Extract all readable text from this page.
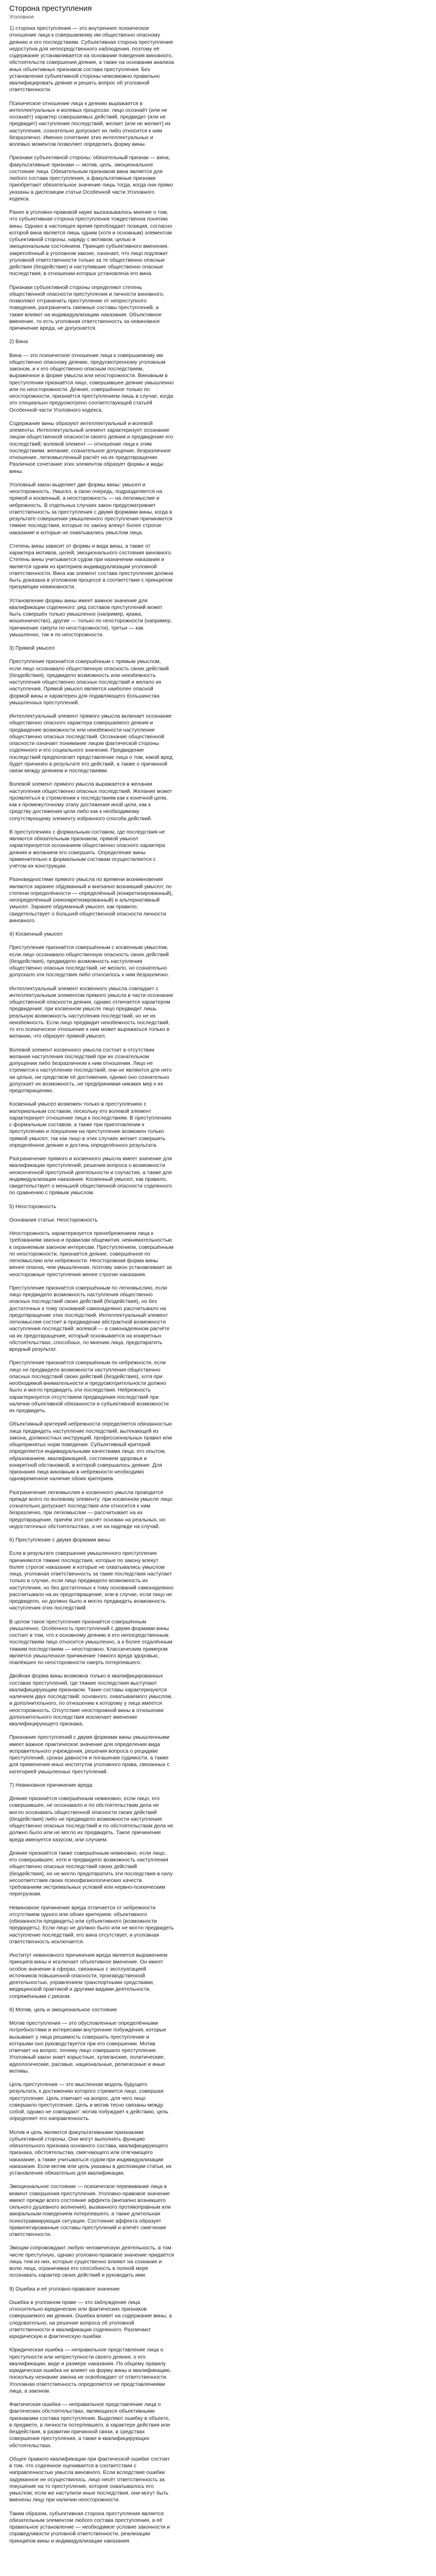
Сторона преступления
Уголовное

1) сторона преступления — это внутреннее психическое отношение лица к совершаемому им общественно опасному деянию и его последствиям. Субъективная сторона преступления недоступна для непосредственного наблюдения, поэтому её содержание устанавливается на основании поведения виновного, обстоятельств совершения деяния, а также на основании анализа иных объективных признаков состава преступления. Без установления субъективной стороны невозможно правильно квалифицировать деяние и решить вопрос об уголовной ответственности.

Психическое отношение лица к деянию выражается в интеллектуальных и волевых процессах: лицо осознаёт (или не осознаёт) характер совершаемых действий, предвидит (или не предвидит) наступление последствий, желает (или не желает) их наступления, сознательно допускает их либо относится к ним безразлично. Именно сочетание этих интеллектуальных и волевых моментов позволяет определить форму вины.

Признаки субъективной стороны: обязательный признак — вина; факультативные признаки — мотив, цель, эмоциональное состояние лица. Обязательным признаком вина является для любого состава преступления, а факультативные признаки приобретают обязательное значение лишь тогда, когда они прямо указаны в диспозиции статьи Особенной части Уголовного кодекса.

Ранее в уголовно-правовой науке высказывалось мнение о том, что субъективная сторона преступления тождественна понятию вины. Однако в настоящее время преобладает позиция, согласно которой вина является лишь одним (хотя и основным) элементом субъективной стороны, наряду с мотивом, целью и эмоциональным состоянием. Принцип субъективного вменения, закреплённый в уголовном законе, означает, что лицо подлежит уголовной ответственности только за те общественно опасные действия (бездействие) и наступившие общественно опасные последствия, в отношении которых установлена его вина.

Признаки субъективной стороны определяют степень общественной опасности преступления и личности виновного, позволяют отграничить преступление от непреступного поведения, разграничить смежные составы преступлений, а также влияют на индивидуализацию наказания. Объективное вменение, то есть уголовная ответственность за невиновное причинение вреда, не допускается.

2) Вина

Вина — это психическое отношение лица к совершаемому им общественно опасному деянию, предусмотренному уголовным законом, и к его общественно опасным последствиям, выраженное в форме умысла или неосторожности. Виновным в преступлении признаётся лицо, совершившее деяние умышленно или по неосторожности. Деяние, совершённое только по неосторожности, признаётся преступлением лишь в случае, когда это специально предусмотрено соответствующей статьёй Особенной части Уголовного кодекса.

Содержание вины образуют интеллектуальный и волевой элементы. Интеллектуальный элемент характеризует осознание лицом общественной опасности своего деяния и предвидение его последствий; волевой элемент — отношение лица к этим последствиям: желание, сознательное допущение, безразличное отношение, легкомысленный расчёт на их предотвращение. Различное сочетание этих элементов образует формы и виды вины.

Уголовный закон выделяет две формы вины: умысел и неосторожность. Умысел, в свою очередь, подразделяется на прямой и косвенный, а неосторожность — на легкомыслие и небрежность. В отдельных случаях закон предусматривает ответственность за преступления с двумя формами вины, когда в результате совершения умышленного преступления причиняются тяжкие последствия, которые по закону влекут более строгое наказание и которые не охватывались умыслом лица.

Степень вины зависит от формы и вида вины, а также от характера мотивов, целей, эмоционального состояния виновного. Степень вины учитывается судом при назначении наказания и является одним из критериев индивидуализации уголовной ответственности. Вина как элемент состава преступления должна быть доказана в уголовном процессе в соответствии с принципом презумпции невиновности.

Установление формы вины имеет важное значение для квалификации содеянного: ряд составов преступлений может быть совершён только умышленно (например, кража, мошенничество), другие — только по неосторожности (например, причинение смерти по неосторожности), третьи — как умышленно, так и по неосторожности.

3) Прямой умысел

Преступление признаётся совершённым с прямым умыслом, если лицо осознавало общественную опасность своих действий (бездействия), предвидело возможность или неизбежность наступления общественно опасных последствий и желало их наступления. Прямой умысел является наиболее опасной формой вины и характерен для подавляющего большинства умышленных преступлений.

Интеллектуальный элемент прямого умысла включает осознание общественно опасного характера совершаемого деяния и предвидение возможности или неизбежности наступления общественно опасных последствий. Осознание общественной опасности означает понимание лицом фактической стороны содеянного и его социального значения. Предвидение последствий предполагает представление лица о том, какой вред будет причинён в результате его действий, а также о причинной связи между деянием и последствиями.

Волевой элемент прямого умысла выражается в желании наступления общественно опасных последствий. Желание может проявляться в стремлении к последствиям как к конечной цели, как к промежуточному этапу достижения иной цели, как к средству достижения цели либо как к необходимому сопутствующему элементу избранного способа действий.

В преступлениях с формальным составом, где последствия не являются обязательным признаком, прямой умысел характеризуется осознанием общественно опасного характера деяния и желанием его совершить. Определение вины применительно к формальным составам осуществляется с учётом их конструкции.

Разновидностями прямого умысла по времени возникновения являются заранее обдуманный и внезапно возникший умысел; по степени определённости — определённый (конкретизированный), неопределённый (неконкретизированный) и альтернативный умысел. Заранее обдуманный умысел, как правило, свидетельствует о большей общественной опасности личности виновного.

4) Косвенный умысел

Преступление признаётся совершённым с косвенным умыслом, если лицо осознавало общественную опасность своих действий (бездействия), предвидело возможность наступления общественно опасных последствий, не желало, но сознательно допускало эти последствия либо относилось к ним безразлично.

Интеллектуальный элемент косвенного умысла совпадает с интеллектуальным элементом прямого умысла в части осознания общественной опасности деяния, однако отличается характером предвидения: при косвенном умысле лицо предвидит лишь реальную возможность наступления последствий, но не их неизбежность. Если лицо предвидит неизбежность последствий, то его психическое отношение к ним может выражаться только в желании, что образует прямой умысел.

Волевой элемент косвенного умысла состоит в отсутствии желания наступления последствий при их сознательном допущении либо безразличном к ним отношении. Лицо не стремится к наступлению последствий, они не являются для него ни целью, ни средством её достижения, однако оно сознательно допускает их возможность, не предпринимая никаких мер к их предотвращению.

Косвенный умысел возможен только в преступлениях с материальным составом, поскольку его волевой элемент характеризует отношение лица к последствиям. В преступлениях с формальным составом, а также при приготовлении к преступлению и покушении на преступление возможен только прямой умысел, так как лицо в этих случаях желает совершить определённое деяние и достичь определённого результата.

Разграничение прямого и косвенного умысла имеет значение для квалификации преступлений, решения вопроса о возможности неоконченной преступной деятельности и соучастия, а также для индивидуализации наказания. Косвенный умысел, как правило, свидетельствует о меньшей общественной опасности содеянного по сравнению с прямым умыслом.

5) Неосторожность

Основания статьи. Неосторожность

Неосторожность характеризуется пренебрежением лица к требованиям закона и правилам общежития, невнимательностью к охраняемым законом интересам. Преступлением, совершённым по неосторожности, признаётся деяние, совершённое по легкомыслию или небрежности. Неосторожная форма вины менее опасна, чем умышленная, поэтому закон устанавливает за неосторожные преступления менее строгие наказания.

Преступление признаётся совершённым по легкомыслию, если лицо предвидело возможность наступления общественно опасных последствий своих действий (бездействия), но без достаточных к тому оснований самонадеянно рассчитывало на предотвращение этих последствий. Интеллектуальный элемент легкомыслия состоит в предвидении абстрактной возможности наступления последствий; волевой — в самонадеянном расчёте на их предотвращение, который основывается на конкретных обстоятельствах, способных, по мнению лица, предотвратить вредный результат.

Преступление признаётся совершённым по небрежности, если лицо не предвидело возможности наступления общественно опасных последствий своих действий (бездействия), хотя при необходимой внимательности и предусмотрительности должно было и могло предвидеть эти последствия. Небрежность характеризуется отсутствием предвидения последствий при наличии объективной обязанности и субъективной возможности их предвидеть.

Объективный критерий небрежности определяется обязанностью лица предвидеть наступление последствий, вытекающей из закона, должностных инструкций, профессиональных правил или общепринятых норм поведения. Субъективный критерий определяется индивидуальными качествами лица: его опытом, образованием, квалификацией, состоянием здоровья и конкретной обстановкой, в которой совершалось деяние. Для признания лица виновным в небрежности необходимо одновременное наличие обоих критериев.

Разграничение легкомыслия и косвенного умысла проводится прежде всего по волевому элементу: при косвенном умысле лицо сознательно допускает последствия или относится к ним безразлично, при легкомыслии — рассчитывает на их предотвращение, причём этот расчёт основан на реальных, но недостаточных обстоятельствах, а не на надежде на случай.

6) Преступление с двумя формами вины

Если в результате совершения умышленного преступления причиняются тяжкие последствия, которые по закону влекут более строгое наказание и которые не охватывались умыслом лица, уголовная ответственность за такие последствия наступает только в случае, если лицо предвидело возможность их наступления, но без достаточных к тому оснований самонадеянно рассчитывало на их предотвращение, или в случае, если лицо не предвидело, но должно было и могло предвидеть возможность наступления этих последствий.

В целом такое преступление признаётся совершённым умышленно. Особенность преступлений с двумя формами вины состоит в том, что к основному деянию и его непосредственным последствиям лицо относится умышленно, а к более отдалённым тяжким последствиям — неосторожно. Классическим примером является умышленное причинение тяжкого вреда здоровью, повлёкшее по неосторожности смерть потерпевшего.

Двойная форма вины возможна только в квалифицированных составах преступлений, где тяжкие последствия выступают квалифицирующим признаком. Такие составы характеризуются наличием двух последствий: основного, охватываемого умыслом, и дополнительного, по отношению к которому у лица имеется неосторожность. Отсутствие неосторожной вины в отношении дополнительного последствия исключает вменение квалифицирующего признака.

Признание преступлений с двумя формами вины умышленными имеет важное практическое значение для определения вида исправительного учреждения, решения вопроса о рецидиве преступлений, сроках давности и погашения судимости, а также для применения иных институтов уголовного права, связанных с категорией умышленных преступлений.

7) Невиновное причинение вреда

Деяние признаётся совершённым невиновно, если лицо, его совершившее, не осознавало и по обстоятельствам дела не могло осознавать общественной опасности своих действий (бездействия) либо не предвидело возможности наступления общественно опасных последствий и по обстоятельствам дела не должно было или не могло их предвидеть. Такое причинение вреда именуется казусом, или случаем.

Деяние признаётся также совершённым невиновно, если лицо, его совершившее, хотя и предвидело возможность наступления общественно опасных последствий своих действий (бездействия), но не могло предотвратить эти последствия в силу несоответствия своих психофизиологических качеств требованиям экстремальных условий или нервно-психическим перегрузкам.

Невиновное причинение вреда отличается от небрежности отсутствием одного или обоих критериев: объективного (обязанности предвидеть) или субъективного (возможности предвидеть). Если лицо не должно было или не могло предвидеть наступление последствий, его вина отсутствует, и уголовная ответственность исключается.

Институт невиновного причинения вреда является выражением принципа вины и исключает объективное вменение. Он имеет особое значение в сферах, связанных с эксплуатацией источников повышенной опасности, производственной деятельностью, управлением транспортными средствами, медицинской практикой и другими видами деятельности, сопряжёнными с риском.

8) Мотив, цель и эмоциональное состояние

Мотив преступления — это обусловленные определёнными потребностями и интересами внутренние побуждения, которые вызывают у лица решимость совершить преступление и которыми оно руководствуется при его совершении. Мотив отвечает на вопрос, почему лицо совершило преступление. Уголовный закон знает корыстные, хулиганские, политические, идеологические, расовые, национальные, религиозные и иные мотивы.

Цель преступления — это мысленная модель будущего результата, к достижению которого стремится лицо, совершая преступление. Цель отвечает на вопрос, для чего лицо совершило преступление. Цель и мотив тесно связаны между собой, однако не совпадают: мотив побуждает к действию, цель определяет его направленность.

Мотив и цель являются факультативными признаками субъективной стороны. Они могут выполнять функцию обязательного признака основного состава, квалифицирующего признака, обстоятельства, смягчающего или отягчающего наказание, а также учитываться судом при индивидуализации наказания. Если мотив или цель указаны в диспозиции статьи, их установление обязательно для квалификации.

Эмоциональное состояние — психическое переживание лица в момент совершения преступления. Уголовно-правовое значение имеют прежде всего состояние аффекта (внезапно возникшего сильного душевного волнения), вызванного противоправным или аморальным поведением потерпевшего, а также длительная психотравмирующая ситуация. Состояние аффекта образует привилегированные составы преступлений и влечёт смягчение ответственности.

Эмоции сопровождают любую человеческую деятельность, в том числе преступную, однако уголовно-правовое значение придаётся лишь тем из них, которые существенно влияют на сознание и волю лица, ограничивая его способность в полной мере осознавать характер своих действий и руководить ими.

9) Ошибка и её уголовно-правовое значение

Ошибка в уголовном праве — это заблуждение лица относительно юридических или фактических признаков совершаемого им деяния. Ошибка влияет на содержание вины, а следовательно, на решение вопроса об уголовной ответственности и квалификации содеянного. Различают юридическую и фактическую ошибки.

Юридическая ошибка — неправильное представление лица о преступности или непреступности своего деяния, о его квалификации, виде и размере наказания. По общему правилу юридическая ошибка не влияет на форму вины и квалификацию, поскольку незнание закона не освобождает от ответственности. Уголовная ответственность определяется не представлениями лица, а законом.

Фактическая ошибка — неправильное представление лица о фактических обстоятельствах, являющихся объективными признаками состава преступления. Выделяют ошибку в объекте, в предмете, в личности потерпевшего, в характере действия или бездействия, в развитии причинной связи, в средствах совершения преступления, а также в квалифицирующих обстоятельствах.

Общее правило квалификации при фактической ошибке состоит в том, что содеянное оценивается в соответствии с направленностью умысла виновного. Если вследствие ошибки задуманное не осуществилось, лицо несёт ответственность за покушение на то преступление, которое охватывалось его умыслом; если же наступили иные последствия, они могут быть вменены лицу при наличии неосторожности.

Таким образом, субъективная сторона преступления является обязательным элементом любого состава преступления, а её правильное установление — необходимое условие законности и справедливости уголовной ответственности, реализации принципов вины и индивидуализации наказания.
